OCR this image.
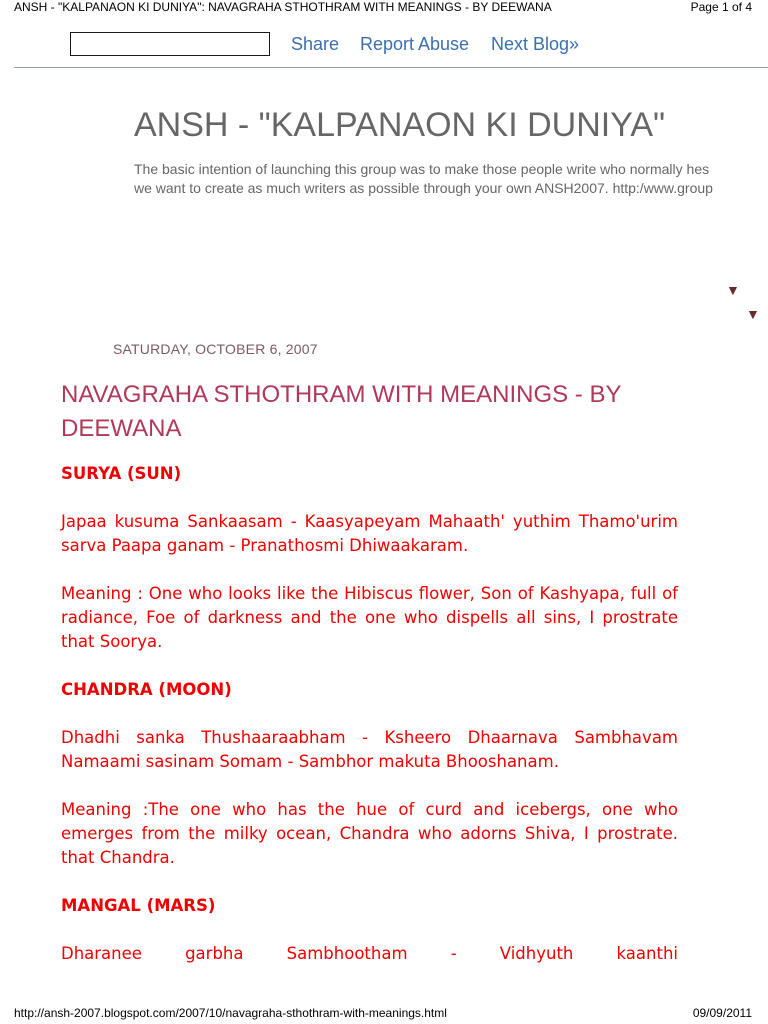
ANSH - "KALPANAON KI DUNIYA": NAVAGRAHA STHOTHRAM WITH MEANINGS - BY DEEWANA	Page 1 of 4
Share Report Abuse Next Blog»
ANSH - "KALPANAON KI DUNIYA"
The basic intention of launching this group was to make those people write who normally hes
we want to create as much writers as possible through your own ANSH2007. http:/www.group
▼
▼
SATURDAY, OCTOBER 6, 2007
NAVAGRAHA STHOTHRAM WITH MEANINGS - BY DEEWANA
SURYA (SUN)

Japaa kusuma Sankaasam - Kaasyapeyam Mahaath' yuthim Thamo'urim sarva Paapa ganam - Pranathosmi Dhiwaakaram.

Meaning : One who looks like the Hibiscus flower, Son of Kashyapa, full of radiance, Foe of darkness and the one who dispells all sins, I prostrate that Soorya.

CHANDRA (MOON)

Dhadhi sanka Thushaaraabham - Ksheero Dhaarnava Sambhavam Namaami sasinam Somam - Sambhor makuta Bhooshanam.

Meaning :The one who has the hue of curd and icebergs, one who emerges from the milky ocean, Chandra who adorns Shiva, I prostrate. that Chandra.

MANGAL (MARS)

Dharanee garbha Sambhootham - Vidhyuth kaanthi

http://ansh-2007.blogspot.com/2007/10/navagraha-sthothram-with-meanings.html	09/09/2011
